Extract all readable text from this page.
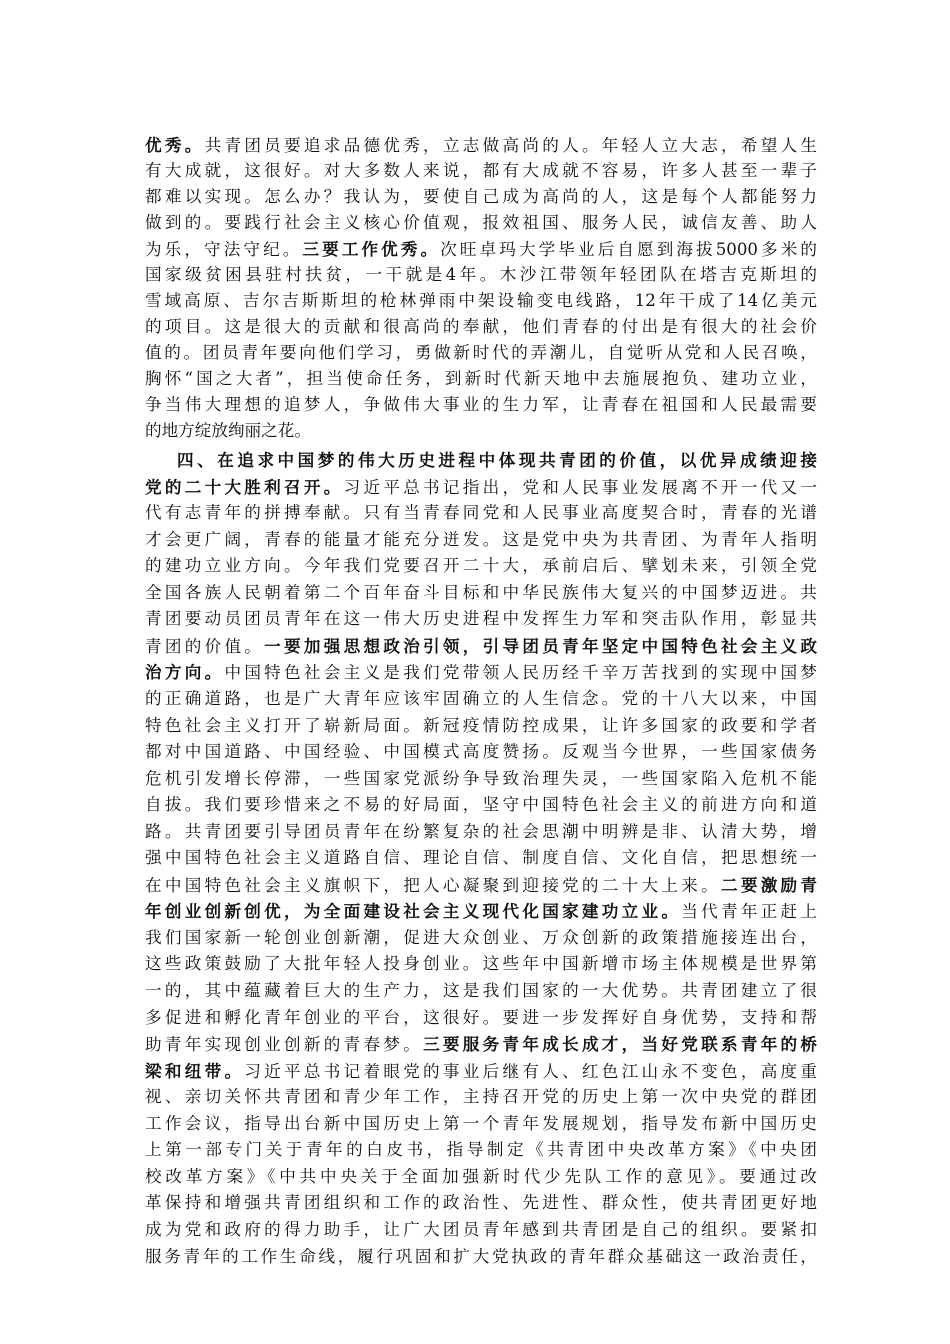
优秀。共青团员要追求品德优秀，立志做高尚的人。年轻人立大志，希望人生
有大成就，这很好。对大多数人来说，都有大成就不容易，许多人甚至一辈子
都难以实现。怎么办？我认为，要使自己成为高尚的人，这是每个人都能努力
做到的。要践行社会主义核心价值观，报效祖国、服务人民，诚信友善、助人
为乐，守法守纪。三要工作优秀。次旺卓玛大学毕业后自愿到海拔5000多米的
国家级贫困县驻村扶贫，一干就是4年。木沙江带领年轻团队在塔吉克斯坦的
雪域高原、吉尔吉斯斯坦的枪林弹雨中架设输变电线路，12年干成了14亿美元
的项目。这是很大的贡献和很高尚的奉献，他们青春的付出是有很大的社会价
值的。团员青年要向他们学习，勇做新时代的弄潮儿，自觉听从党和人民召唤，
胸怀“国之大者”，担当使命任务，到新时代新天地中去施展抱负、建功立业，
争当伟大理想的追梦人，争做伟大事业的生力军，让青春在祖国和人民最需要
的地方绽放绚丽之花。
四、在追求中国梦的伟大历史进程中体现共青团的价值，以优异成绩迎接
党的二十大胜利召开。习近平总书记指出，党和人民事业发展离不开一代又一
代有志青年的拼搏奉献。只有当青春同党和人民事业高度契合时，青春的光谱
才会更广阔，青春的能量才能充分迸发。这是党中央为共青团、为青年人指明
的建功立业方向。今年我们党要召开二十大，承前启后、擘划未来，引领全党
全国各族人民朝着第二个百年奋斗目标和中华民族伟大复兴的中国梦迈进。共
青团要动员团员青年在这一伟大历史进程中发挥生力军和突击队作用，彰显共
青团的价值。一要加强思想政治引领，引导团员青年坚定中国特色社会主义政
治方向。中国特色社会主义是我们党带领人民历经千辛万苦找到的实现中国梦
的正确道路，也是广大青年应该牢固确立的人生信念。党的十八大以来，中国
特色社会主义打开了崭新局面。新冠疫情防控成果，让许多国家的政要和学者
都对中国道路、中国经验、中国模式高度赞扬。反观当今世界，一些国家债务
危机引发增长停滞，一些国家党派纷争导致治理失灵，一些国家陷入危机不能
自拔。我们要珍惜来之不易的好局面，坚守中国特色社会主义的前进方向和道
路。共青团要引导团员青年在纷繁复杂的社会思潮中明辨是非、认清大势，增
强中国特色社会主义道路自信、理论自信、制度自信、文化自信，把思想统一
在中国特色社会主义旗帜下，把人心凝聚到迎接党的二十大上来。二要激励青
年创业创新创优，为全面建设社会主义现代化国家建功立业。当代青年正赶上
我们国家新一轮创业创新潮，促进大众创业、万众创新的政策措施接连出台，
这些政策鼓励了大批年轻人投身创业。这些年中国新增市场主体规模是世界第
一的，其中蕴藏着巨大的生产力，这是我们国家的一大优势。共青团建立了很
多促进和孵化青年创业的平台，这很好。要进一步发挥好自身优势，支持和帮
助青年实现创业创新的青春梦。三要服务青年成长成才，当好党联系青年的桥
梁和纽带。习近平总书记着眼党的事业后继有人、红色江山永不变色，高度重
视、亲切关怀共青团和青少年工作，主持召开党的历史上第一次中央党的群团
工作会议，指导出台新中国历史上第一个青年发展规划，指导发布新中国历史
上第一部专门关于青年的白皮书，指导制定《共青团中央改革方案》《中央团
校改革方案》《中共中央关于全面加强新时代少先队工作的意见》。要通过改
革保持和增强共青团组织和工作的政治性、先进性、群众性，使共青团更好地
成为党和政府的得力助手，让广大团员青年感到共青团是自己的组织。要紧扣
服务青年的工作生命线，履行巩固和扩大党执政的青年群众基础这一政治责任，
